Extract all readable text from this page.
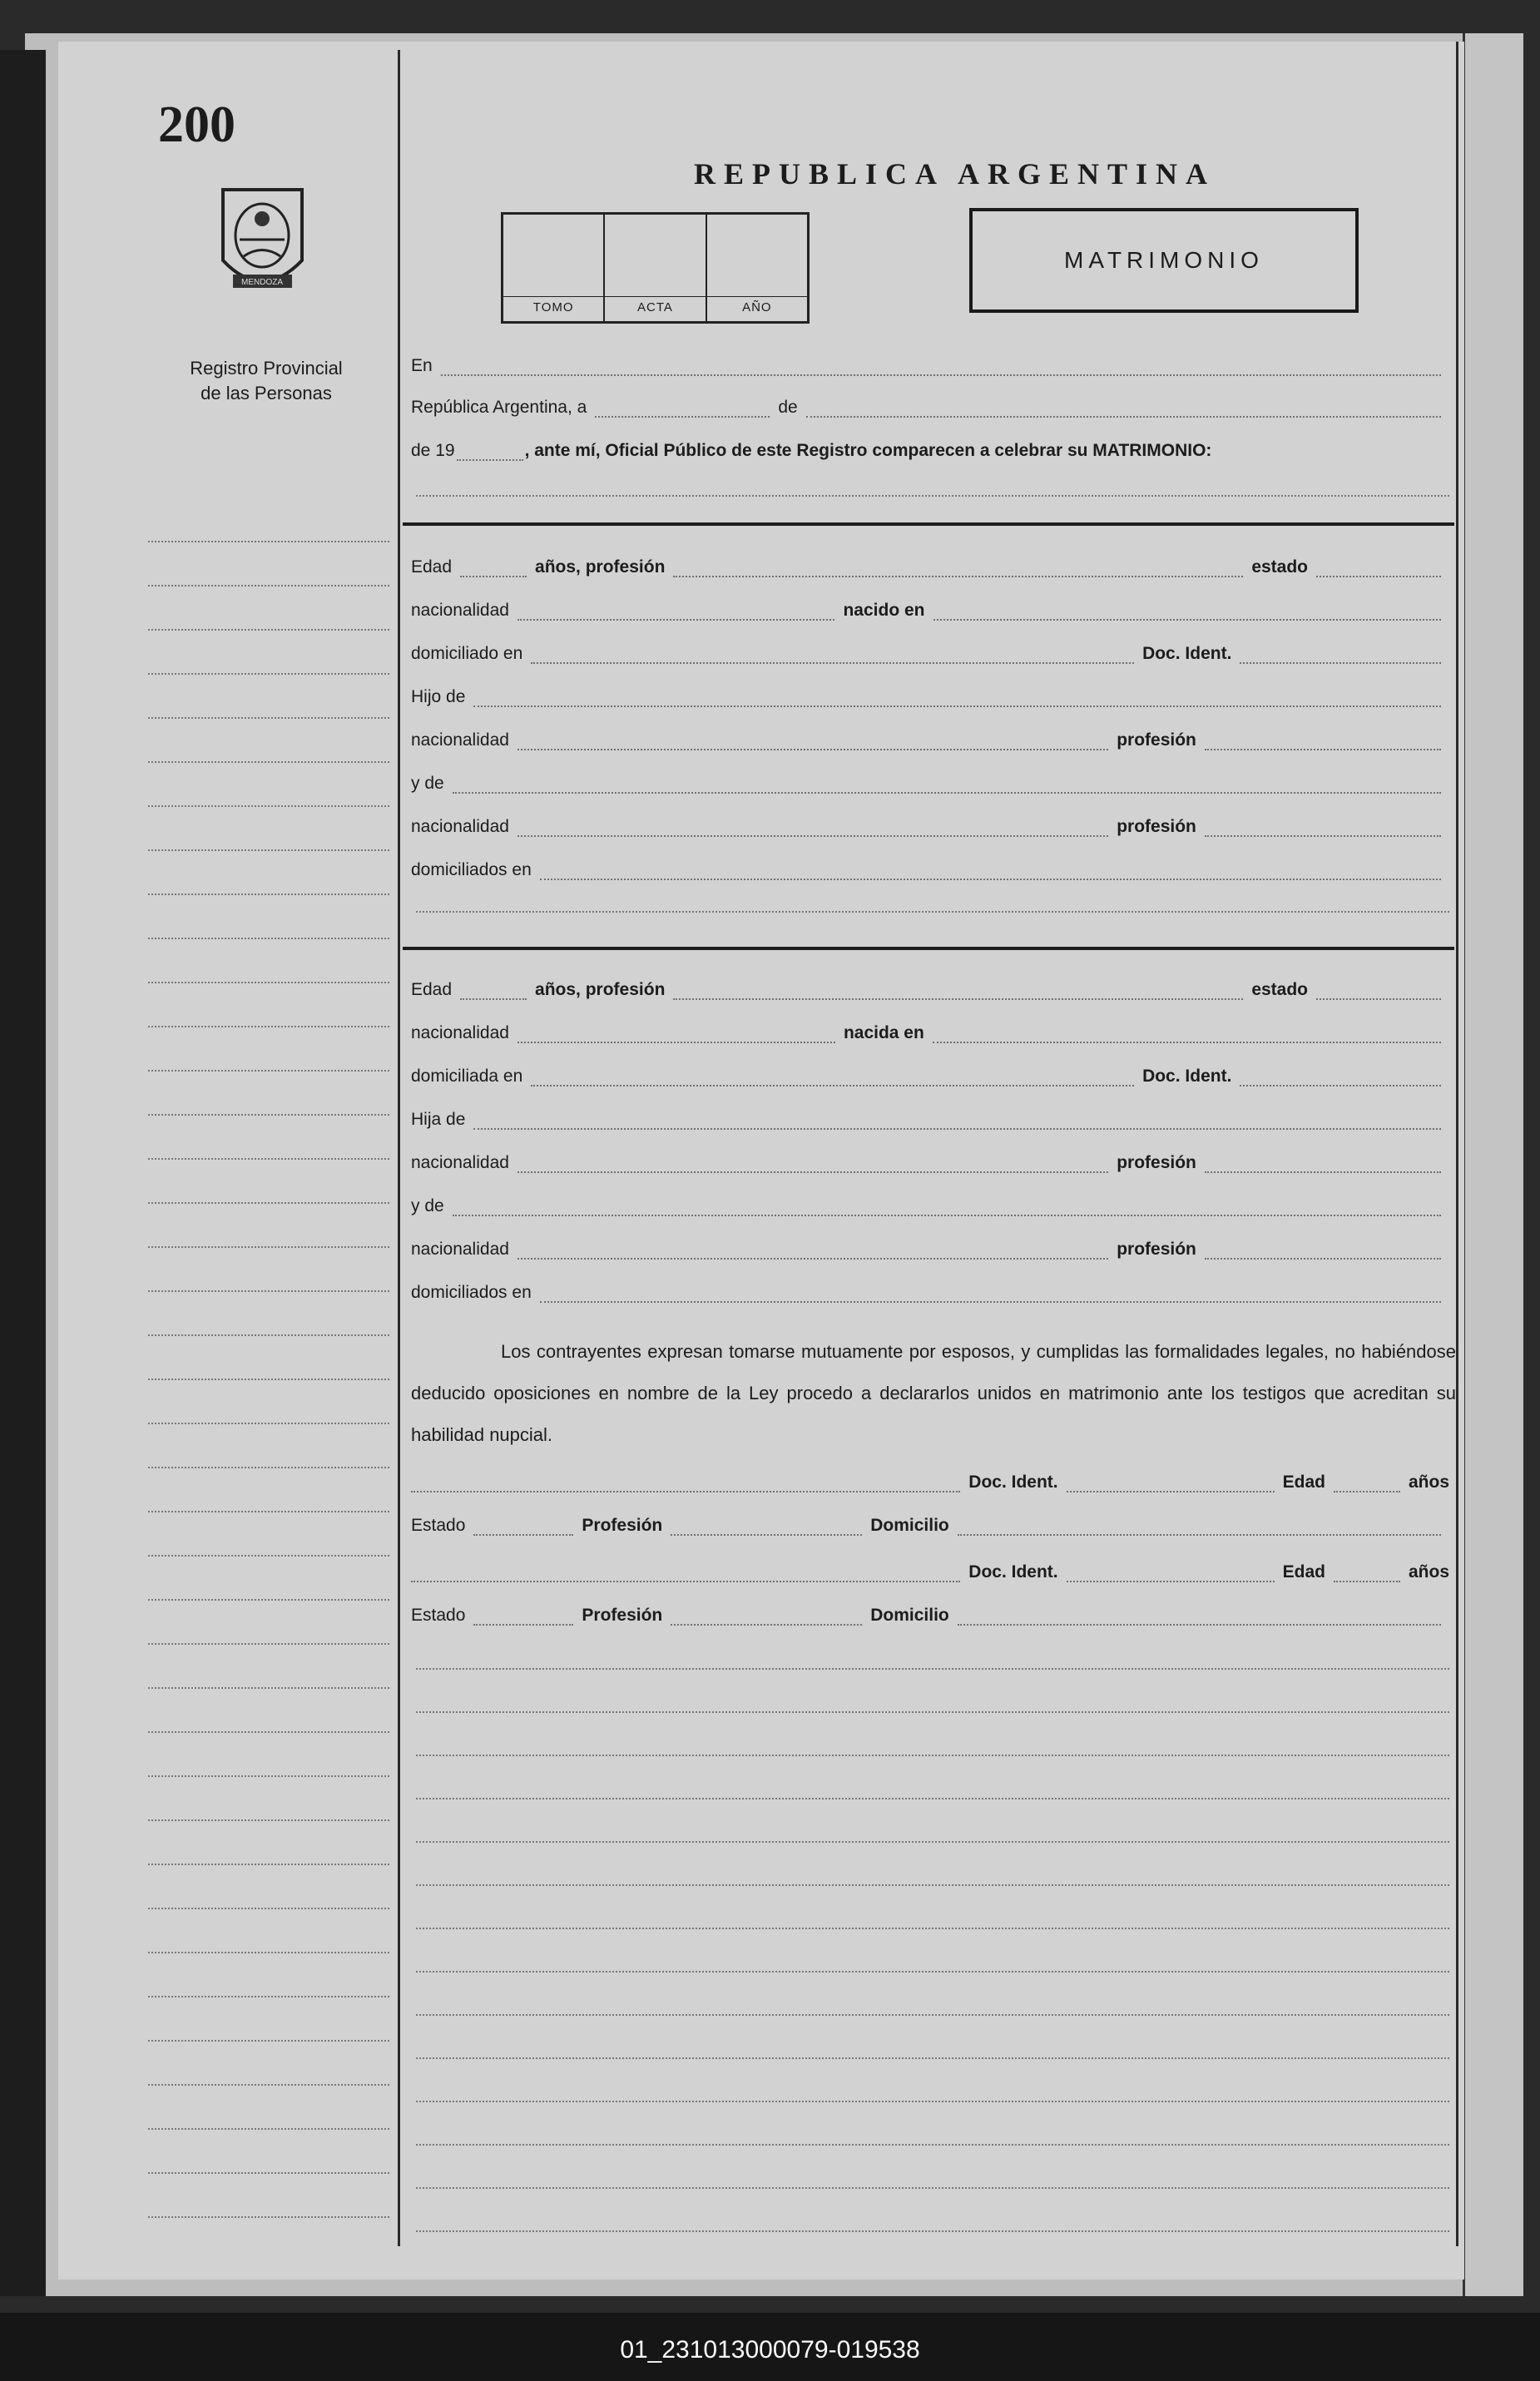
200
MENDOZA
Registro Provincial
de las Personas
REPUBLICA ARGENTINA
TOMO	ACTA	AÑO
MATRIMONIO
En
República Argentina, a	de
de 19	, ante mí, Oficial Público de este Registro comparecen a celebrar su MATRIMONIO:
Edad	años, profesión	estado
nacionalidad	nacido en
domiciliado en	Doc. Ident.
Hijo de
nacionalidad	profesión
y de
nacionalidad	profesión
domiciliados en
Edad	años, profesión	estado
nacionalidad	nacida en
domiciliada en	Doc. Ident.
Hija de
nacionalidad	profesión
y de
nacionalidad	profesión
domiciliados en
Los contrayentes expresan tomarse mutuamente por esposos, y cumplidas las formalidades legales, no habiéndose deducido oposiciones en nombre de la Ley procedo a declararlos unidos en matrimonio ante los testigos que acreditan su habilidad nupcial.
Doc. Ident.	Edad	años
Estado	Profesión	Domicilio
Doc. Ident.	Edad	años
Estado	Profesión	Domicilio
01_231013000079-019538
